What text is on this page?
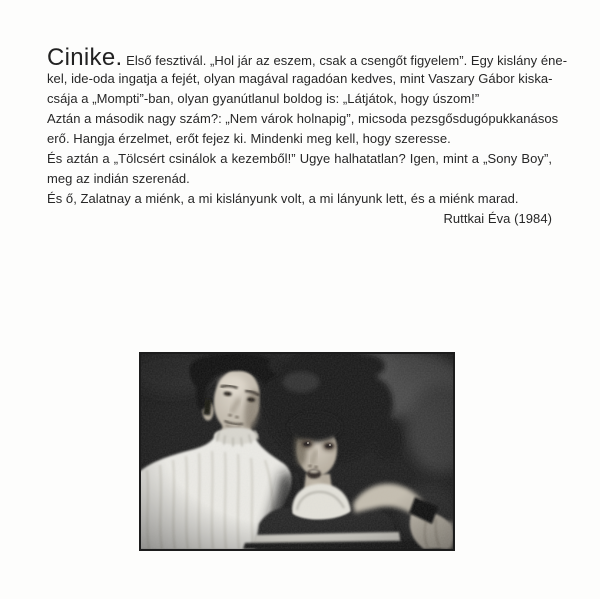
Cinike. Első fesztivál. „Hol jár az eszem, csak a csengőt figyelem”. Egy kislány éne-
kel, ide-oda ingatja a fejét, olyan magával ragadóan kedves, mint Vaszary Gábor kiska-
csája a „Mompti”-ban, olyan gyanútlanul boldog is: „Látjátok, hogy úszom!”
Aztán a második nagy szám?: „Nem várok holnapig”, micsoda pezsgősdugópukkanásos
erő. Hangja érzelmet, erőt fejez ki. Mindenki meg kell, hogy szeresse.
És aztán a „Tölcsért csinálok a kezemből!” Ugye halhatatlan? Igen, mint a „Sony Boy”,
meg az indián szerenád.
És ő, Zalatnay a miénk, a mi kislányunk volt, a mi lányunk lett, és a miénk marad.
Ruttkai Éva (1984)
